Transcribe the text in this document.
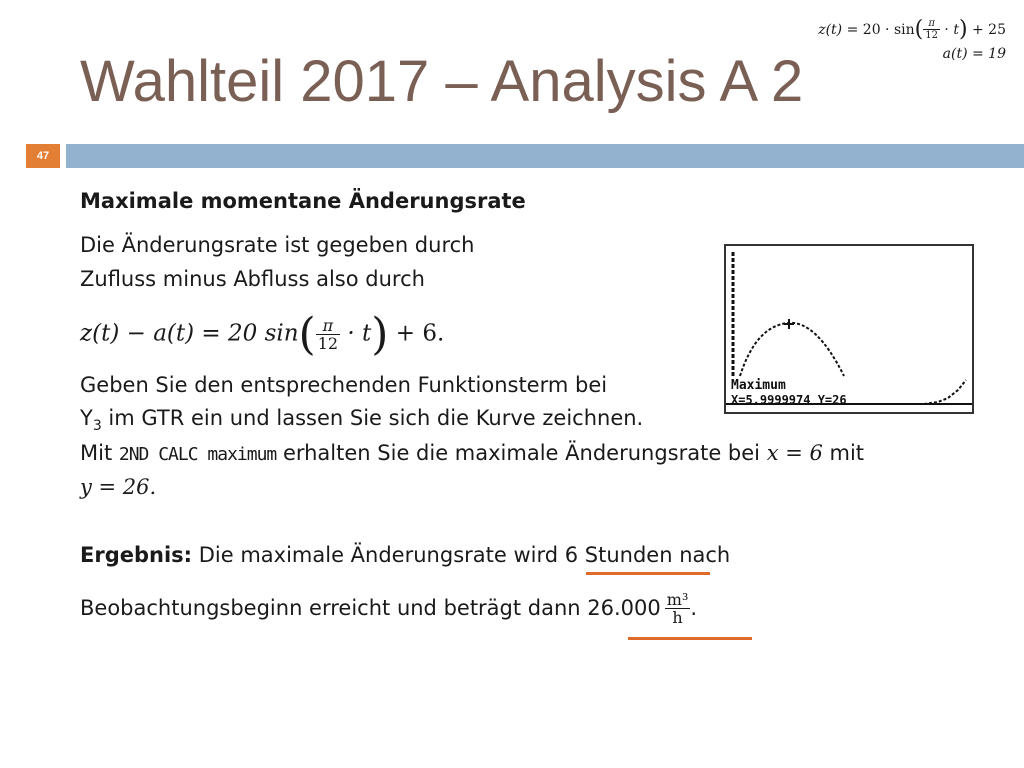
Wahlteil 2017 – Analysis A 2
$z(t) = 20 \cdot \sin( \frac{\pi}{12} \cdot t) + 25$
a(t) = 19
47
Maximale momentane Änderungsrate
Die Änderungsrate ist gegeben durch
Zufluss minus Abfluss also durch
z(t) − a(t) = 20 $\sin( \frac{\pi}{12} \cdot t) + 6$.
Geben Sie den entsprechenden Funktionsterm bei
$Y_3$ im GTR ein und lassen Sie sich die Kurve zeichnen.
Mit 2ND CALC maximum erhalten Sie die maximale Änderungsrate bei x = 6 mit
y = 26.
Ergebnis: Die maximale Änderungsrate wird 6 Stunden nach
Beobachtungsbeginn erreicht und beträgt dann $26.000 \frac{\text{m³}}{h}$ .
Maximum
X=5.9999974 Y=26
